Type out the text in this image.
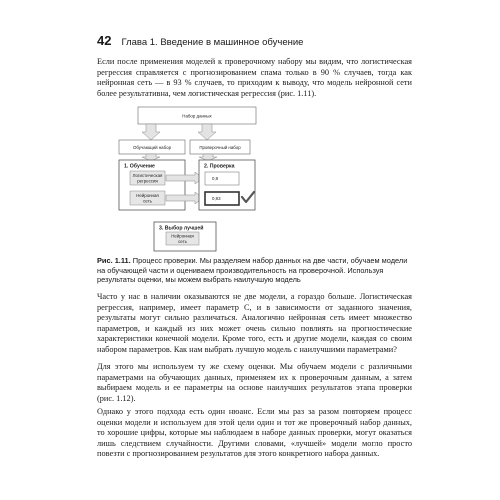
42 Глава 1. Введение в машинное обучение

Если после применения моделей к проверочному набору мы видим, что логистическая регрессия справляется с прогнозированием спама только в 90 % случаев, тогда как нейронная сеть — в 93 % случаев, то приходим к выводу, что модель нейронной сети более результативна, чем логистическая регрессия (рис. 1.11).

Набор данных
Обучающий набор	Проверочный набор
1. Обучение
Логистическая
регрессия
Нейронная
сеть
2. Проверка
0,9
0,93
3. Выбор лучшей
Нейронная
сеть

Рис. 1.11. Процесс проверки. Мы разделяем набор данных на две части, обучаем модели на обучающей части и оцениваем производительность на проверочной. Используя результаты оценки, мы можем выбрать наилучшую модель

Часто у нас в наличии оказываются не две модели, а гораздо больше. Логистическая регрессия, например, имеет параметр C, и в зависимости от заданного значения, результаты могут сильно различаться. Аналогично нейронная сеть имеет множество параметров, и каждый из них может очень сильно повлиять на прогностические характеристики конечной модели. Кроме того, есть и другие модели, каждая со своим набором параметров. Как нам выбрать лучшую модель с наилучшими параметрами?

Для этого мы используем ту же схему оценки. Мы обучаем модели с различными параметрами на обучающих данных, применяем их к проверочным данным, а затем выбираем модель и ее параметры на основе наилучших результатов этапа проверки (рис. 1.12).

Однако у этого подхода есть один нюанс. Если мы раз за разом повторяем процесс оценки модели и используем для этой цели один и тот же проверочный набор данных, то хорошие цифры, которые мы наблюдаем в наборе данных проверки, могут оказаться лишь следствием случайности. Другими словами, «лучшей» модели могло просто повезти с прогнозированием результатов для этого конкретного набора данных.
